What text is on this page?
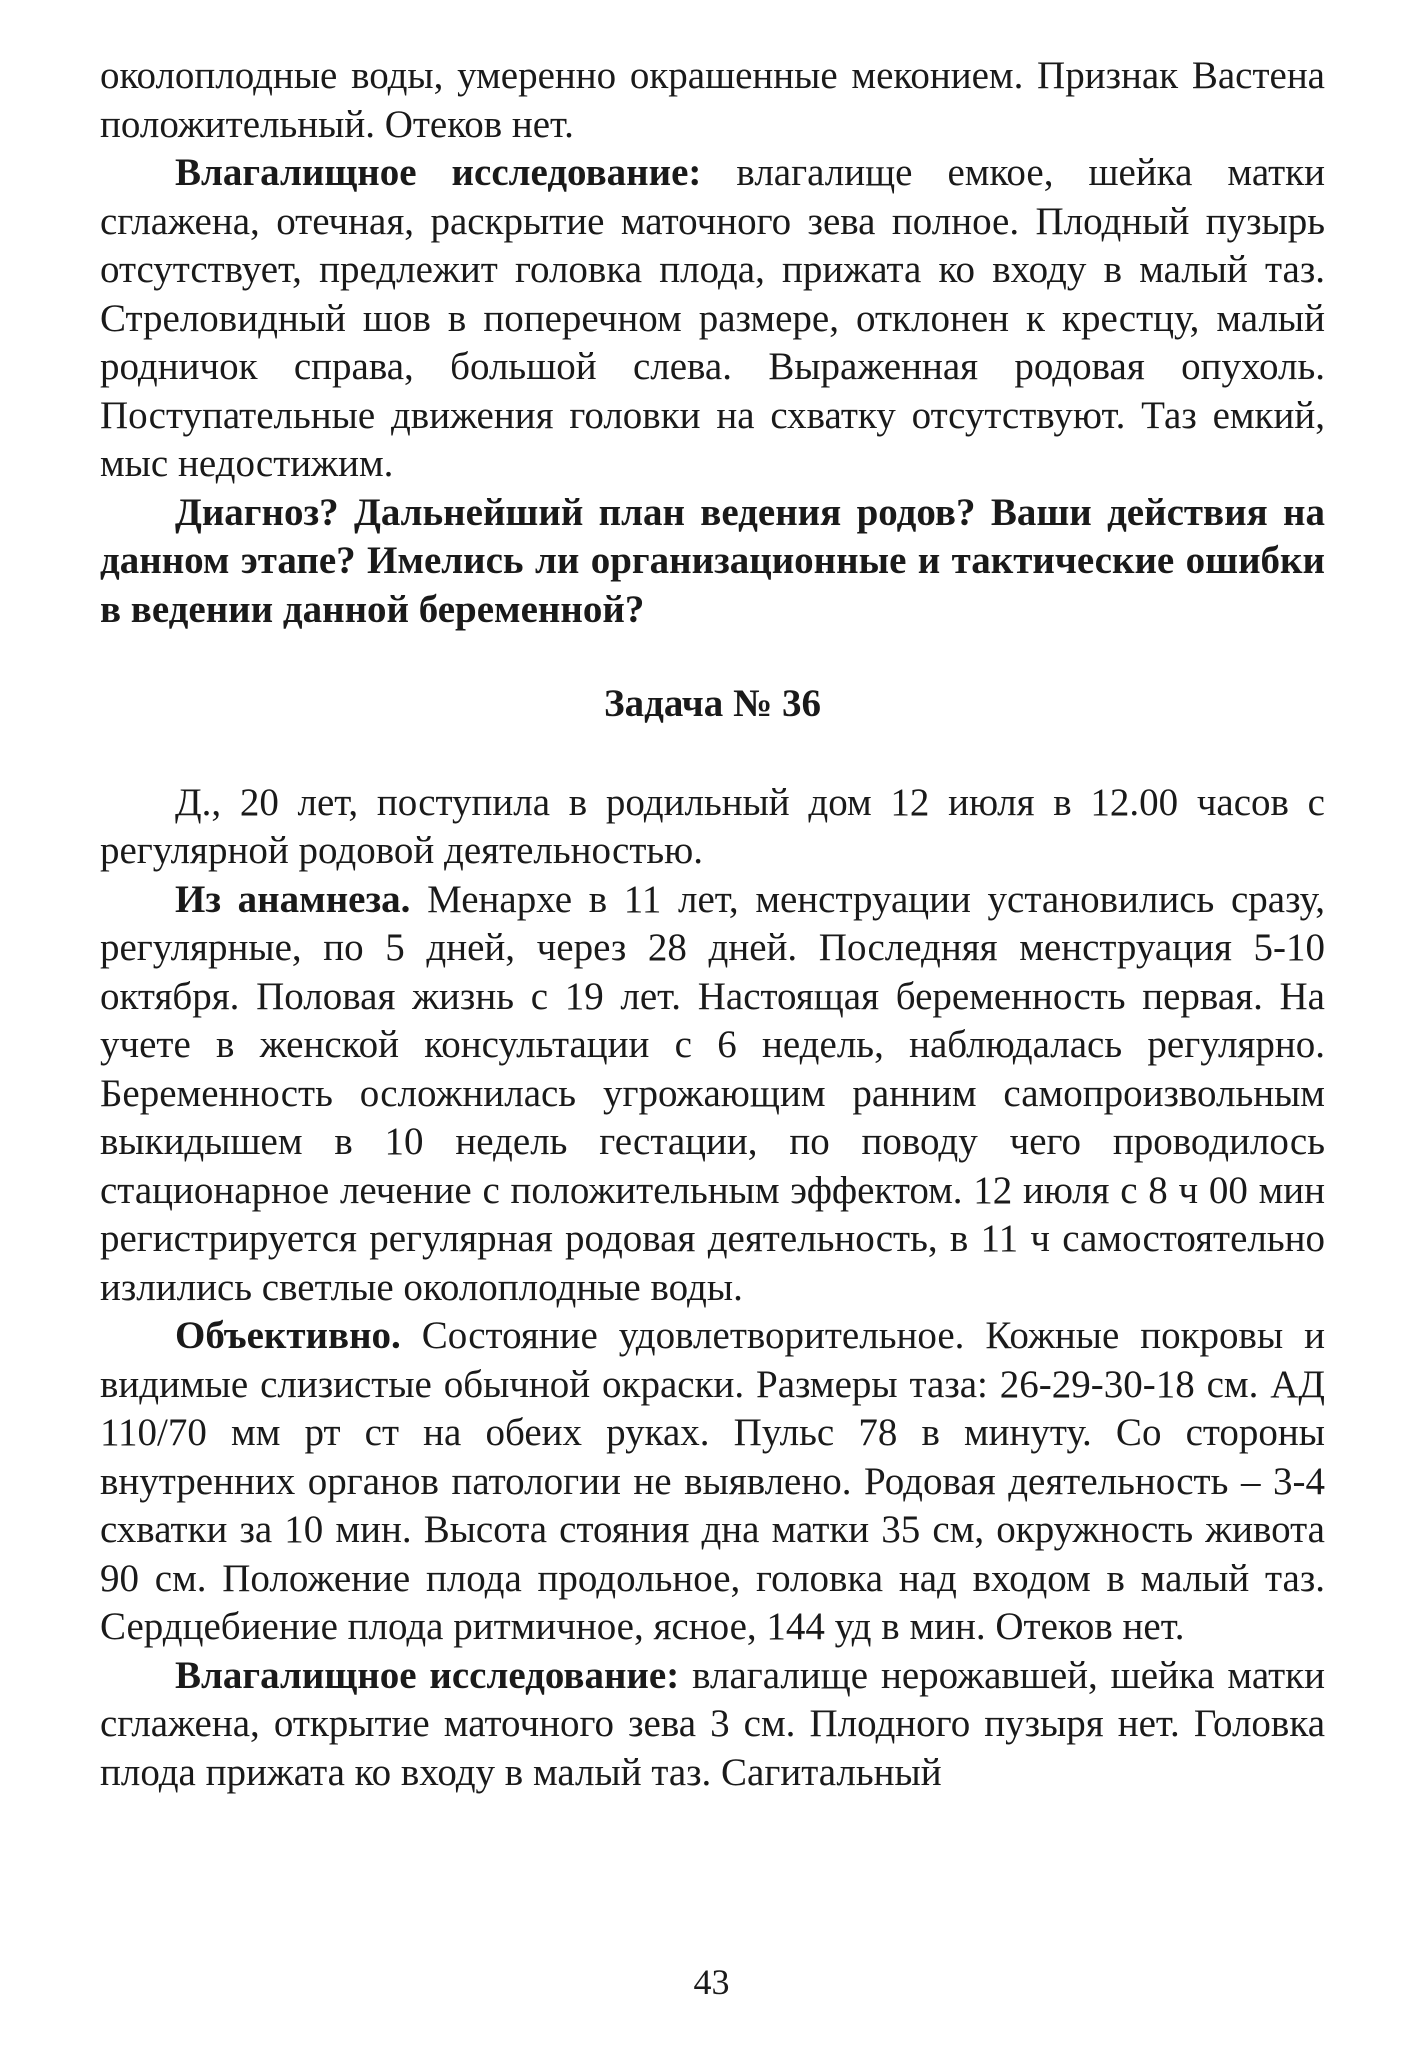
околоплодные воды, умеренно окрашенные меконием. Признак Вастена положительный. Отеков нет.

Влагалищное исследование: влагалище емкое, шейка матки сглажена, отечная, раскрытие маточного зева полное. Плодный пузырь отсутствует, предлежит головка плода, прижата ко входу в малый таз. Стреловидный шов в поперечном размере, отклонен к крестцу, малый родничок справа, большой слева. Выраженная родовая опухоль. Поступательные движения головки на схватку отсутствуют. Таз емкий, мыс недостижим.

Диагноз? Дальнейший план ведения родов? Ваши действия на данном этапе? Имелись ли организационные и тактические ошибки в ведении данной беременной?

Задача № 36

Д., 20 лет, поступила в родильный дом 12 июля в 12.00 часов с регулярной родовой деятельностью.

Из анамнеза. Менархе в 11 лет, менструации установились сразу, регулярные, по 5 дней, через 28 дней. Последняя менструация 5-10 октября. Половая жизнь с 19 лет. Настоящая беременность первая. На учете в женской консультации с 6 недель, наблюдалась регулярно. Беременность осложнилась угрожающим ранним самопроизвольным выкидышем в 10 недель гестации, по поводу чего проводилось стационарное лечение с положительным эффектом. 12 июля с 8 ч 00 мин регистрируется регулярная родовая деятельность, в 11 ч самостоятельно излились светлые околоплодные воды.

Объективно. Состояние удовлетворительное. Кожные покровы и видимые слизистые обычной окраски. Размеры таза: 26-29-30-18 см. АД 110/70 мм рт ст на обеих руках. Пульс 78 в минуту. Со стороны внутренних органов патологии не выявлено. Родовая деятельность – 3-4 схватки за 10 мин. Высота стояния дна матки 35 см, окружность живота 90 см. Положение плода продольное, головка над входом в малый таз. Сердцебиение плода ритмичное, ясное, 144 уд в мин. Отеков нет.

Влагалищное исследование: влагалище нерожавшей, шейка матки сглажена, открытие маточного зева 3 см. Плодного пузыря нет. Головка плода прижата ко входу в малый таз. Сагитальный

43
